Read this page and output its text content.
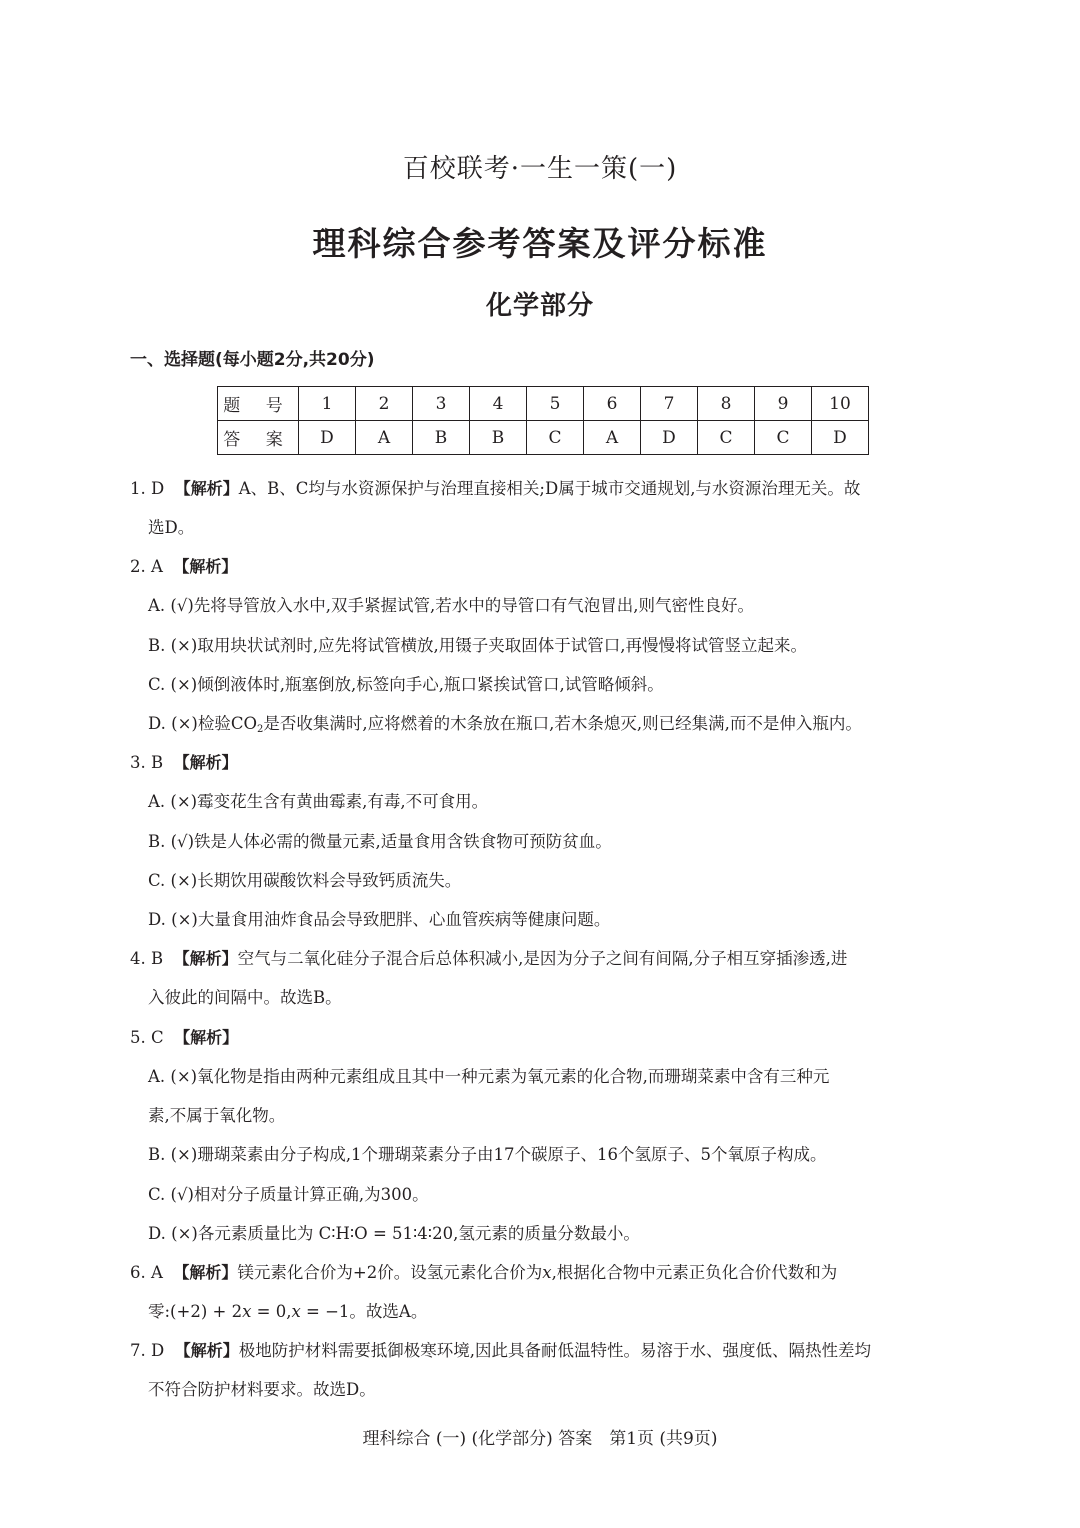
百校联考·一生一策(一)
理科综合参考答案及评分标准
化学部分
一、选择题(每小题2分,共20分)
题 号	1	2	3	4	5	6	7	8	9	10
答 案	D	A	B	B	C	A	D	C	C	D
1. D 【解析】A、B、C均与水资源保护与治理直接相关;D属于城市交通规划,与水资源治理无关。故
选D。
2. A 【解析】
A. (√)先将导管放入水中,双手紧握试管,若水中的导管口有气泡冒出,则气密性良好。
B. (×)取用块状试剂时,应先将试管横放,用镊子夹取固体于试管口,再慢慢将试管竖立起来。
C. (×)倾倒液体时,瓶塞倒放,标签向手心,瓶口紧挨试管口,试管略倾斜。
D. (×)检验$CO_2$是否收集满时,应将燃着的木条放在瓶口,若木条熄灭,则已经集满,而不是伸入瓶内。
3. B 【解析】
A. (×)霉变花生含有黄曲霉素,有毒,不可食用。
B. (√)铁是人体必需的微量元素,适量食用含铁食物可预防贫血。
C. (×)长期饮用碳酸饮料会导致钙质流失。
D. (×)大量食用油炸食品会导致肥胖、心血管疾病等健康问题。
4. B 【解析】空气与二氧化硅分子混合后总体积减小,是因为分子之间有间隔,分子相互穿插渗透,进
入彼此的间隔中。故选B。
5. C 【解析】
A. (×)氧化物是指由两种元素组成且其中一种元素为氧元素的化合物,而珊瑚菜素中含有三种元
素,不属于氧化物。
B. (×)珊瑚菜素由分子构成,1个珊瑚菜素分子由17个碳原子、16个氢原子、5个氧原子构成。
C. (√)相对分子质量计算正确,为300。
D. (×)各元素质量比为 C∶H∶O = 51∶4∶20,氢元素的质量分数最小。
6. A 【解析】镁元素化合价为+2价。设氢元素化合价为x,根据化合物中元素正负化合价代数和为
零:(+2) + 2x = 0,x = −1。故选A。
7. D 【解析】极地防护材料需要抵御极寒环境,因此具备耐低温特性。易溶于水、强度低、隔热性差均
不符合防护材料要求。故选D。
理科综合 (一) (化学部分) 答案　第1页 (共9页)
